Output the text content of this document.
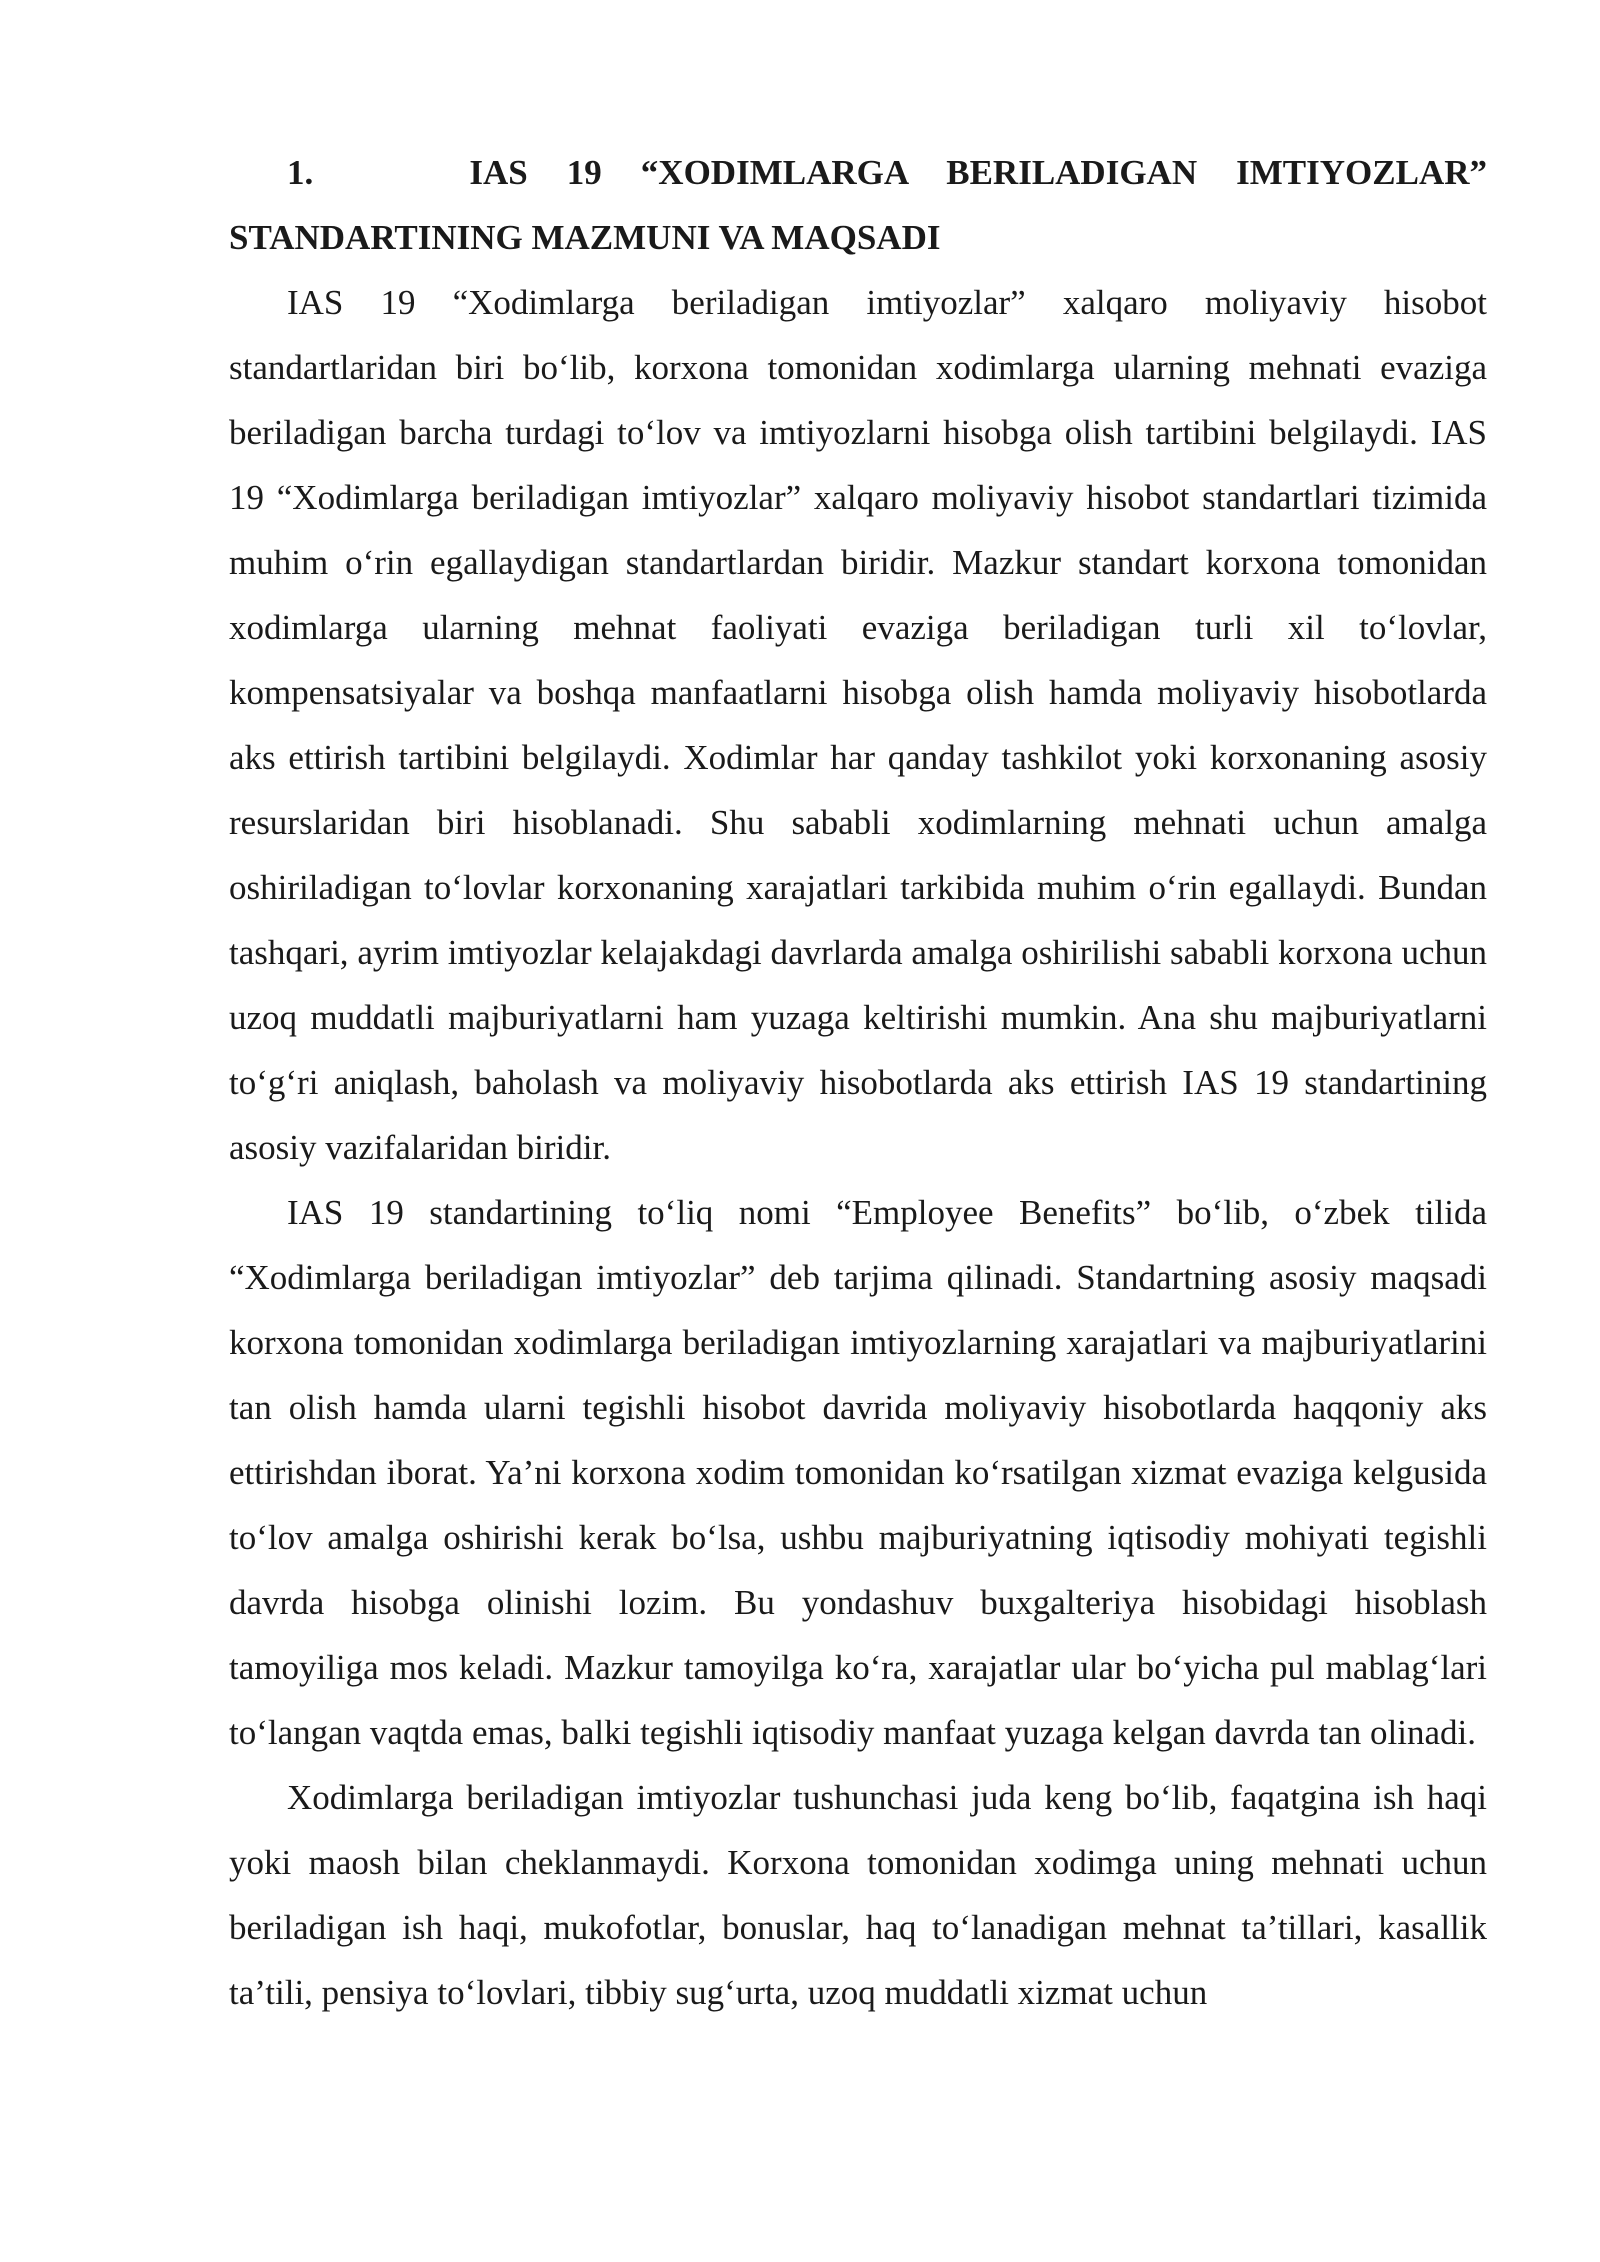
1.    IAS 19 “XODIMLARGA BERILADIGAN IMTIYOZLAR” STANDARTINING MAZMUNI VA MAQSADI

IAS 19 “Xodimlarga beriladigan imtiyozlar” xalqaro moliyaviy hisobot standartlaridan biri bo‘lib, korxona tomonidan xodimlarga ularning mehnati evaziga beriladigan barcha turdagi to‘lov va imtiyozlarni hisobga olish tartibini belgilaydi. IAS 19 “Xodimlarga beriladigan imtiyozlar” xalqaro moliyaviy hisobot standartlari tizimida muhim o‘rin egallaydigan standartlardan biridir. Mazkur standart korxona tomonidan xodimlarga ularning mehnat faoliyati evaziga beriladigan turli xil to‘lovlar, kompensatsiyalar va boshqa manfaatlarni hisobga olish hamda moliyaviy hisobotlarda aks ettirish tartibini belgilaydi. Xodimlar har qanday tashkilot yoki korxonaning asosiy resurslaridan biri hisoblanadi. Shu sababli xodimlarning mehnati uchun amalga oshiriladigan to‘lovlar korxonaning xarajatlari tarkibida muhim o‘rin egallaydi. Bundan tashqari, ayrim imtiyozlar kelajakdagi davrlarda amalga oshirilishi sababli korxona uchun uzoq muddatli majburiyatlarni ham yuzaga keltirishi mumkin. Ana shu majburiyatlarni to‘g‘ri aniqlash, baholash va moliyaviy hisobotlarda aks ettirish IAS 19 standartining asosiy vazifalaridan biridir.

IAS 19 standartining to‘liq nomi “Employee Benefits” bo‘lib, o‘zbek tilida “Xodimlarga beriladigan imtiyozlar” deb tarjima qilinadi. Standartning asosiy maqsadi korxona tomonidan xodimlarga beriladigan imtiyozlarning xarajatlari va majburiyatlarini tan olish hamda ularni tegishli hisobot davrida moliyaviy hisobotlarda haqqoniy aks ettirishdan iborat. Ya’ni korxona xodim tomonidan ko‘rsatilgan xizmat evaziga kelgusida to‘lov amalga oshirishi kerak bo‘lsa, ushbu majburiyatning iqtisodiy mohiyati tegishli davrda hisobga olinishi lozim. Bu yondashuv buxgalteriya hisobidagi hisoblash tamoyiliga mos keladi. Mazkur tamoyilga ko‘ra, xarajatlar ular bo‘yicha pul mablag‘lari to‘langan vaqtda emas, balki tegishli iqtisodiy manfaat yuzaga kelgan davrda tan olinadi.

Xodimlarga beriladigan imtiyozlar tushunchasi juda keng bo‘lib, faqatgina ish haqi yoki maosh bilan cheklanmaydi. Korxona tomonidan xodimga uning mehnati uchun beriladigan ish haqi, mukofotlar, bonuslar, haq to‘lanadigan mehnat ta’tillari, kasallik ta’tili, pensiya to‘lovlari, tibbiy sug‘urta, uzoq muddatli xizmat uchun
